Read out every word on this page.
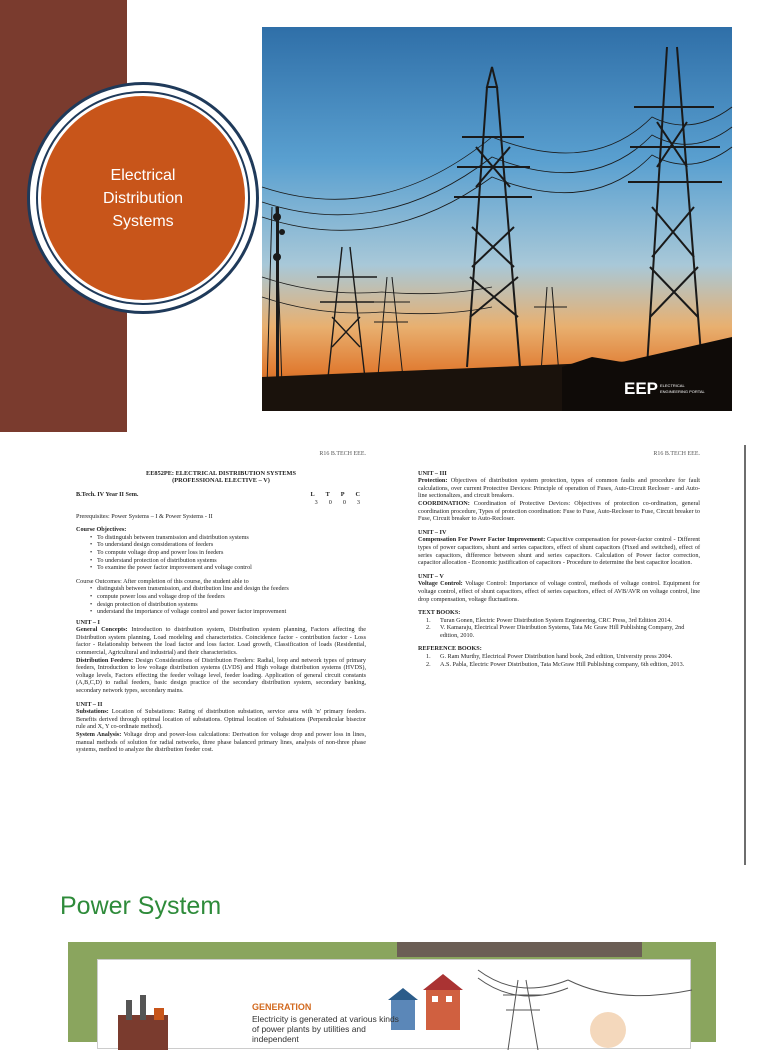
Electrical
Distribution
Systems
EEP ELECTRICAL
ENGINEERING PORTAL
R16 B.TECH EEE.
EE852PE: ELECTRICAL DISTRIBUTION SYSTEMS
(PROFESSIONAL ELECTIVE – V)
B.Tech. IV Year II Sem.	L T P C
3 0 0 3
Prerequisites: Power Systems – I & Power Systems - II
Course Objectives:
• To distinguish between transmission and distribution systems
• To understand design considerations of feeders
• To compute voltage drop and power loss in feeders
• To understand protection of distribution systems
• To examine the power factor improvement and voltage control
Course Outcomes: After completion of this course, the student able to
• distinguish between transmission, and distribution line and design the feeders
• compute power loss and voltage drop of the feeders
• design protection of distribution systems
• understand the importance of voltage control and power factor improvement
UNIT – I
General Concepts: Introduction to distribution system, Distribution system planning, Factors affecting the Distribution system planning, Load modeling and characteristics. Coincidence factor - contribution factor - Loss factor - Relationship between the load factor and loss factor. Load growth, Classification of loads (Residential, commercial, Agricultural and industrial) and their characteristics.
Distribution Feeders: Design Considerations of Distribution Feeders: Radial, loop and network types of primary feeders, Introduction to low voltage distribution systems (LVDS) and High voltage distribution systems (HVDS), voltage levels, Factors effecting the feeder voltage level, feeder loading. Application of general circuit constants (A,B,C,D) to radial feeders, basic design practice of the secondary distribution system, secondary banking, secondary network types, secondary mains.
UNIT – II
Substations: Location of Substations: Rating of distribution substation, service area with 'n' primary feeders. Benefits derived through optimal location of substations. Optimal location of Substations (Perpendicular bisector rule and X, Y co-ordinate method).
System Analysis: Voltage drop and power-loss calculations: Derivation for voltage drop and power loss in lines, manual methods of solution for radial networks, three phase balanced primary lines, analysis of non-three phase systems, method to analyze the distribution feeder cost.
R16 B.TECH EEE.
UNIT – III
Protection: Objectives of distribution system protection, types of common faults and procedure for fault calculations, over current Protective Devices: Principle of operation of Fuses, Auto-Circuit Recloser - and Auto-line sectionalizes, and circuit breakers.
COORDINATION: Coordination of Protective Devices: Objectives of protection co-ordination, general coordination procedure, Types of protection coordination: Fuse to Fuse, Auto-Recloser to Fuse, Circuit breaker to Fuse, Circuit breaker to Auto-Recloser.
UNIT – IV
Compensation For Power Factor Improvement: Capacitive compensation for power-factor control - Different types of power capacitors, shunt and series capacitors, effect of shunt capacitors (Fixed and switched), effect of series capacitors, difference between shunt and series capacitors. Calculation of Power factor correction, capacitor allocation - Economic justification of capacitors - Procedure to determine the best capacitor location.
UNIT – V
Voltage Control: Voltage Control: Importance of voltage control, methods of voltage control. Equipment for voltage control, effect of shunt capacitors, effect of series capacitors, effect of AVB/AVR on voltage control, line drop compensation, voltage fluctuations.
TEXT BOOKS:
1.	Turan Gonen, Electric Power Distribution System Engineering, CRC Press, 3rd Edition 2014.
2.	V. Kamaraju, Electrical Power Distribution Systems, Tata Mc Graw Hill Publishing Company, 2nd edition, 2010.
REFERENCE BOOKS:
1.	G. Ram Murthy, Electrical Power Distribution hand book, 2nd edition, University press 2004.
2.	A.S. Pabla, Electric Power Distribution, Tata McGraw Hill Publishing company, 6th edition, 2013.
Power System
GENERATION
Electricity is generated at various kinds of power plants by utilities and independent
